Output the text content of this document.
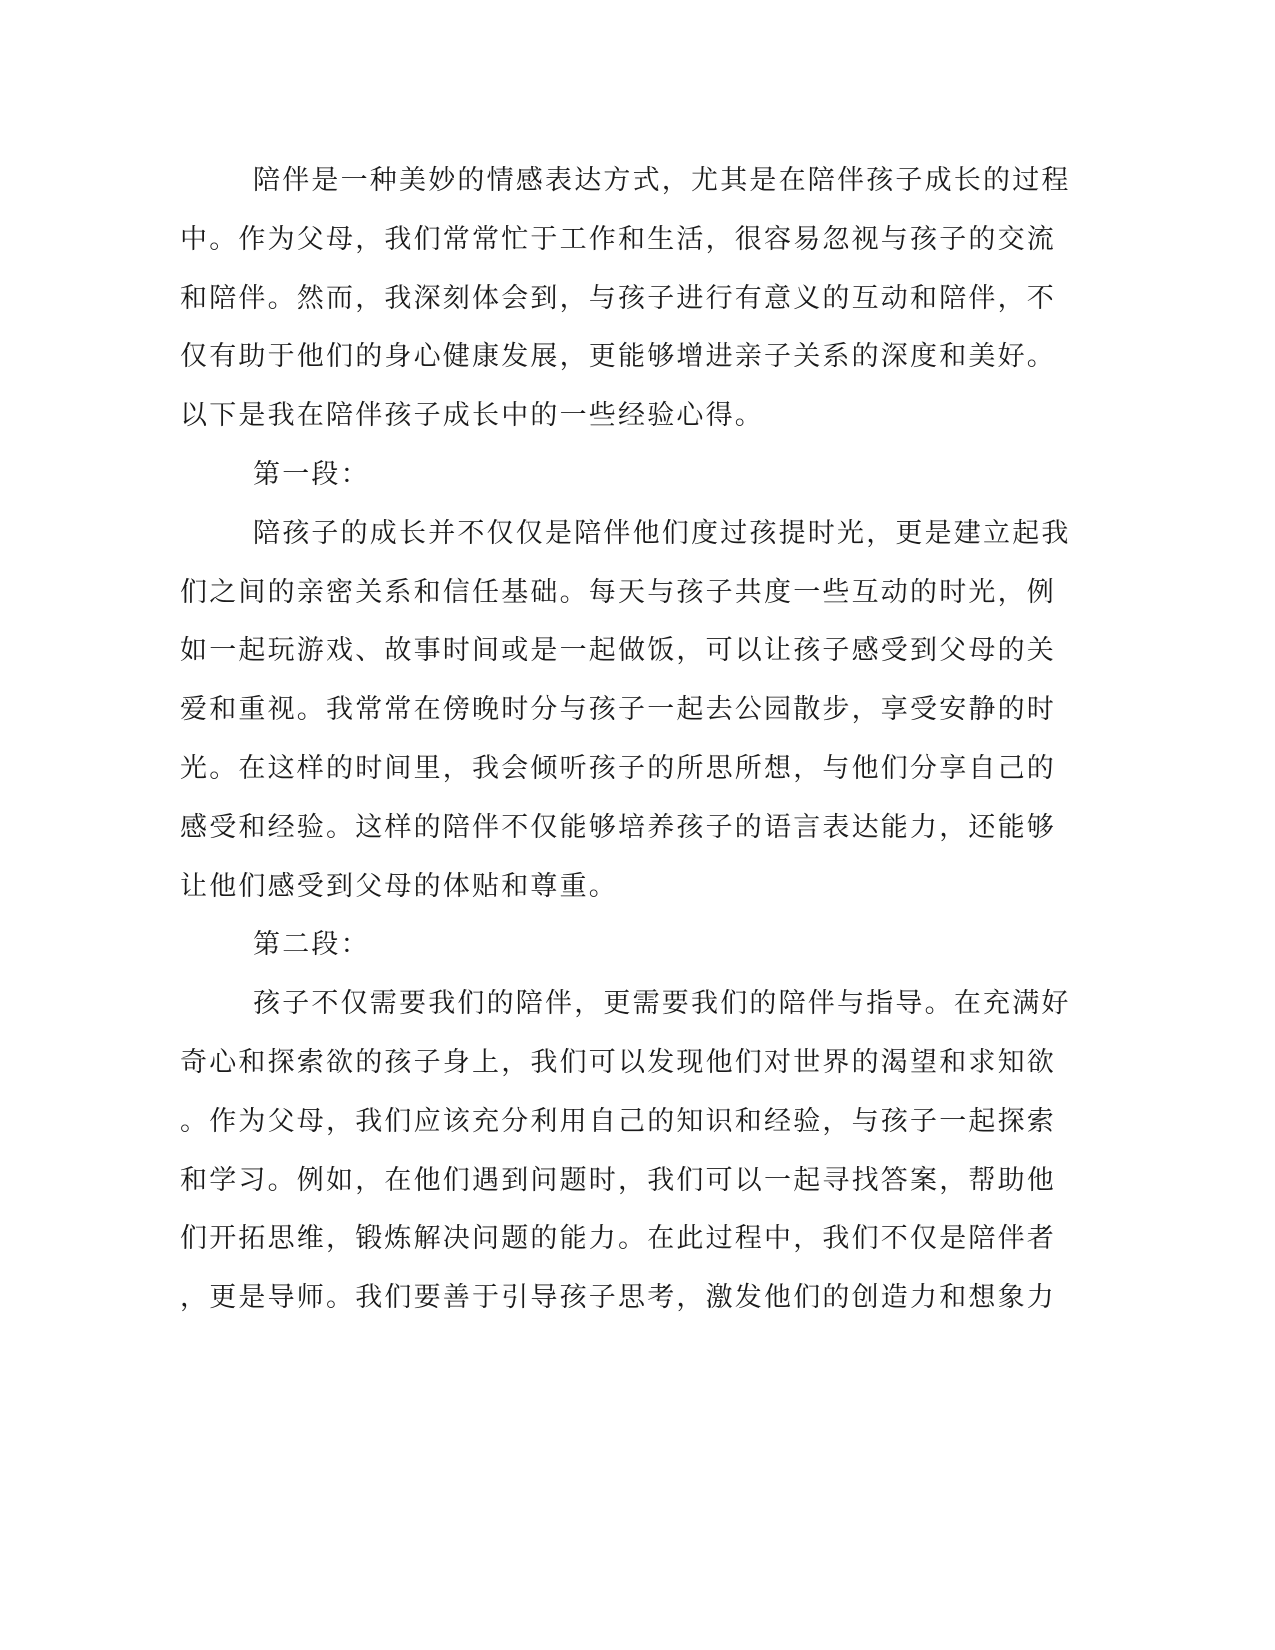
陪伴是一种美妙的情感表达方式，尤其是在陪伴孩子成长的过程

中。作为父母，我们常常忙于工作和生活，很容易忽视与孩子的交流

和陪伴。然而，我深刻体会到，与孩子进行有意义的互动和陪伴，不

仅有助于他们的身心健康发展，更能够增进亲子关系的深度和美好。

以下是我在陪伴孩子成长中的一些经验心得。

第一段：

陪孩子的成长并不仅仅是陪伴他们度过孩提时光，更是建立起我

们之间的亲密关系和信任基础。每天与孩子共度一些互动的时光，例

如一起玩游戏、故事时间或是一起做饭，可以让孩子感受到父母的关

爱和重视。我常常在傍晚时分与孩子一起去公园散步，享受安静的时

光。在这样的时间里，我会倾听孩子的所思所想，与他们分享自己的

感受和经验。这样的陪伴不仅能够培养孩子的语言表达能力，还能够

让他们感受到父母的体贴和尊重。

第二段：

孩子不仅需要我们的陪伴，更需要我们的陪伴与指导。在充满好

奇心和探索欲的孩子身上，我们可以发现他们对世界的渴望和求知欲

。作为父母，我们应该充分利用自己的知识和经验，与孩子一起探索

和学习。例如，在他们遇到问题时，我们可以一起寻找答案，帮助他

们开拓思维，锻炼解决问题的能力。在此过程中，我们不仅是陪伴者

，更是导师。我们要善于引导孩子思考，激发他们的创造力和想象力
